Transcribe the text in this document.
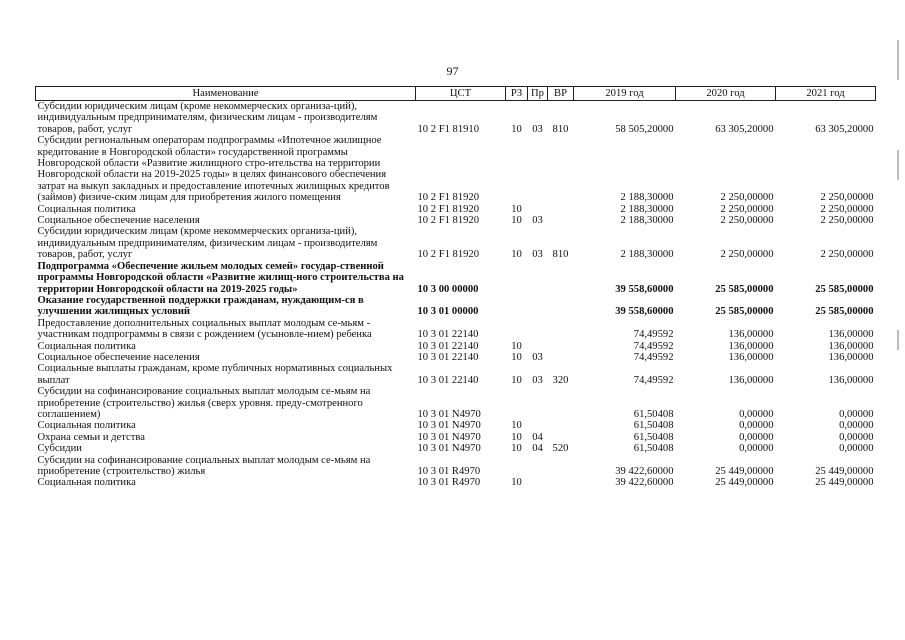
97
Наименование	ЦСТ	РЗ	Пр	ВР	2019 год	2020 год	2021 год
Субсидии юридическим лицам (кроме некоммерческих организа-ций), индивидуальным предпринимателям, физическим лицам - производителям товаров, работ, услуг	10 2 F1 81910	10	03	810	58 505,20000	63 305,20000	63 305,20000
Субсидии региональным операторам подпрограммы «Ипотечное жилищное кредитование в Новгородской области» государственной программы Новгородской области «Развитие жилищного стро-ительства на территории Новгородской области на 2019-2025 годы» в целях финансового обеспечения затрат на выкуп закладных и предоставление ипотечных жилищных кредитов (займов) физиче-ским лицам для приобретения жилого помещения	10 2 F1 81920				2 188,30000	2 250,00000	2 250,00000
Социальная политика	10 2 F1 81920	10			2 188,30000	2 250,00000	2 250,00000
Социальное обеспечение населения	10 2 F1 81920	10	03		2 188,30000	2 250,00000	2 250,00000
Субсидии юридическим лицам (кроме некоммерческих организа-ций), индивидуальным предпринимателям, физическим лицам - производителям товаров, работ, услуг	10 2 F1 81920	10	03	810	2 188,30000	2 250,00000	2 250,00000
Подпрограмма «Обеспечение жильем молодых семей» государ-ственной программы Новгородской области «Развитие жилищ-ного строительства на территории Новгородской области на 2019-2025 годы»	10 3 00 00000				39 558,60000	25 585,00000	25 585,00000
Оказание государственной поддержки гражданам, нуждающим-ся в улучшении жилищных условий	10 3 01 00000				39 558,60000	25 585,00000	25 585,00000
Предоставление дополнительных социальных выплат молодым се-мьям - участникам подпрограммы в связи с рождением (усыновле-нием) ребенка	10 3 01 22140				74,49592	136,00000	136,00000
Социальная политика	10 3 01 22140	10			74,49592	136,00000	136,00000
Социальное обеспечение населения	10 3 01 22140	10	03		74,49592	136,00000	136,00000
Социальные выплаты гражданам, кроме публичных нормативных социальных выплат	10 3 01 22140	10	03	320	74,49592	136,00000	136,00000
Субсидии на софинансирование социальных выплат молодым се-мьям на приобретение (строительство) жилья (сверх уровня. преду-смотренного соглашением)	10 3 01 N4970				61,50408	0,00000	0,00000
Социальная политика	10 3 01 N4970	10			61,50408	0,00000	0,00000
Охрана семьи и детства	10 3 01 N4970	10	04		61,50408	0,00000	0,00000
Субсидии	10 3 01 N4970	10	04	520	61,50408	0,00000	0,00000
Субсидии на софинансирование социальных выплат молодым се-мьям на приобретение (строительство) жилья	10 3 01 R4970				39 422,60000	25 449,00000	25 449,00000
Социальная политика	10 3 01 R4970	10			39 422,60000	25 449,00000	25 449,00000
